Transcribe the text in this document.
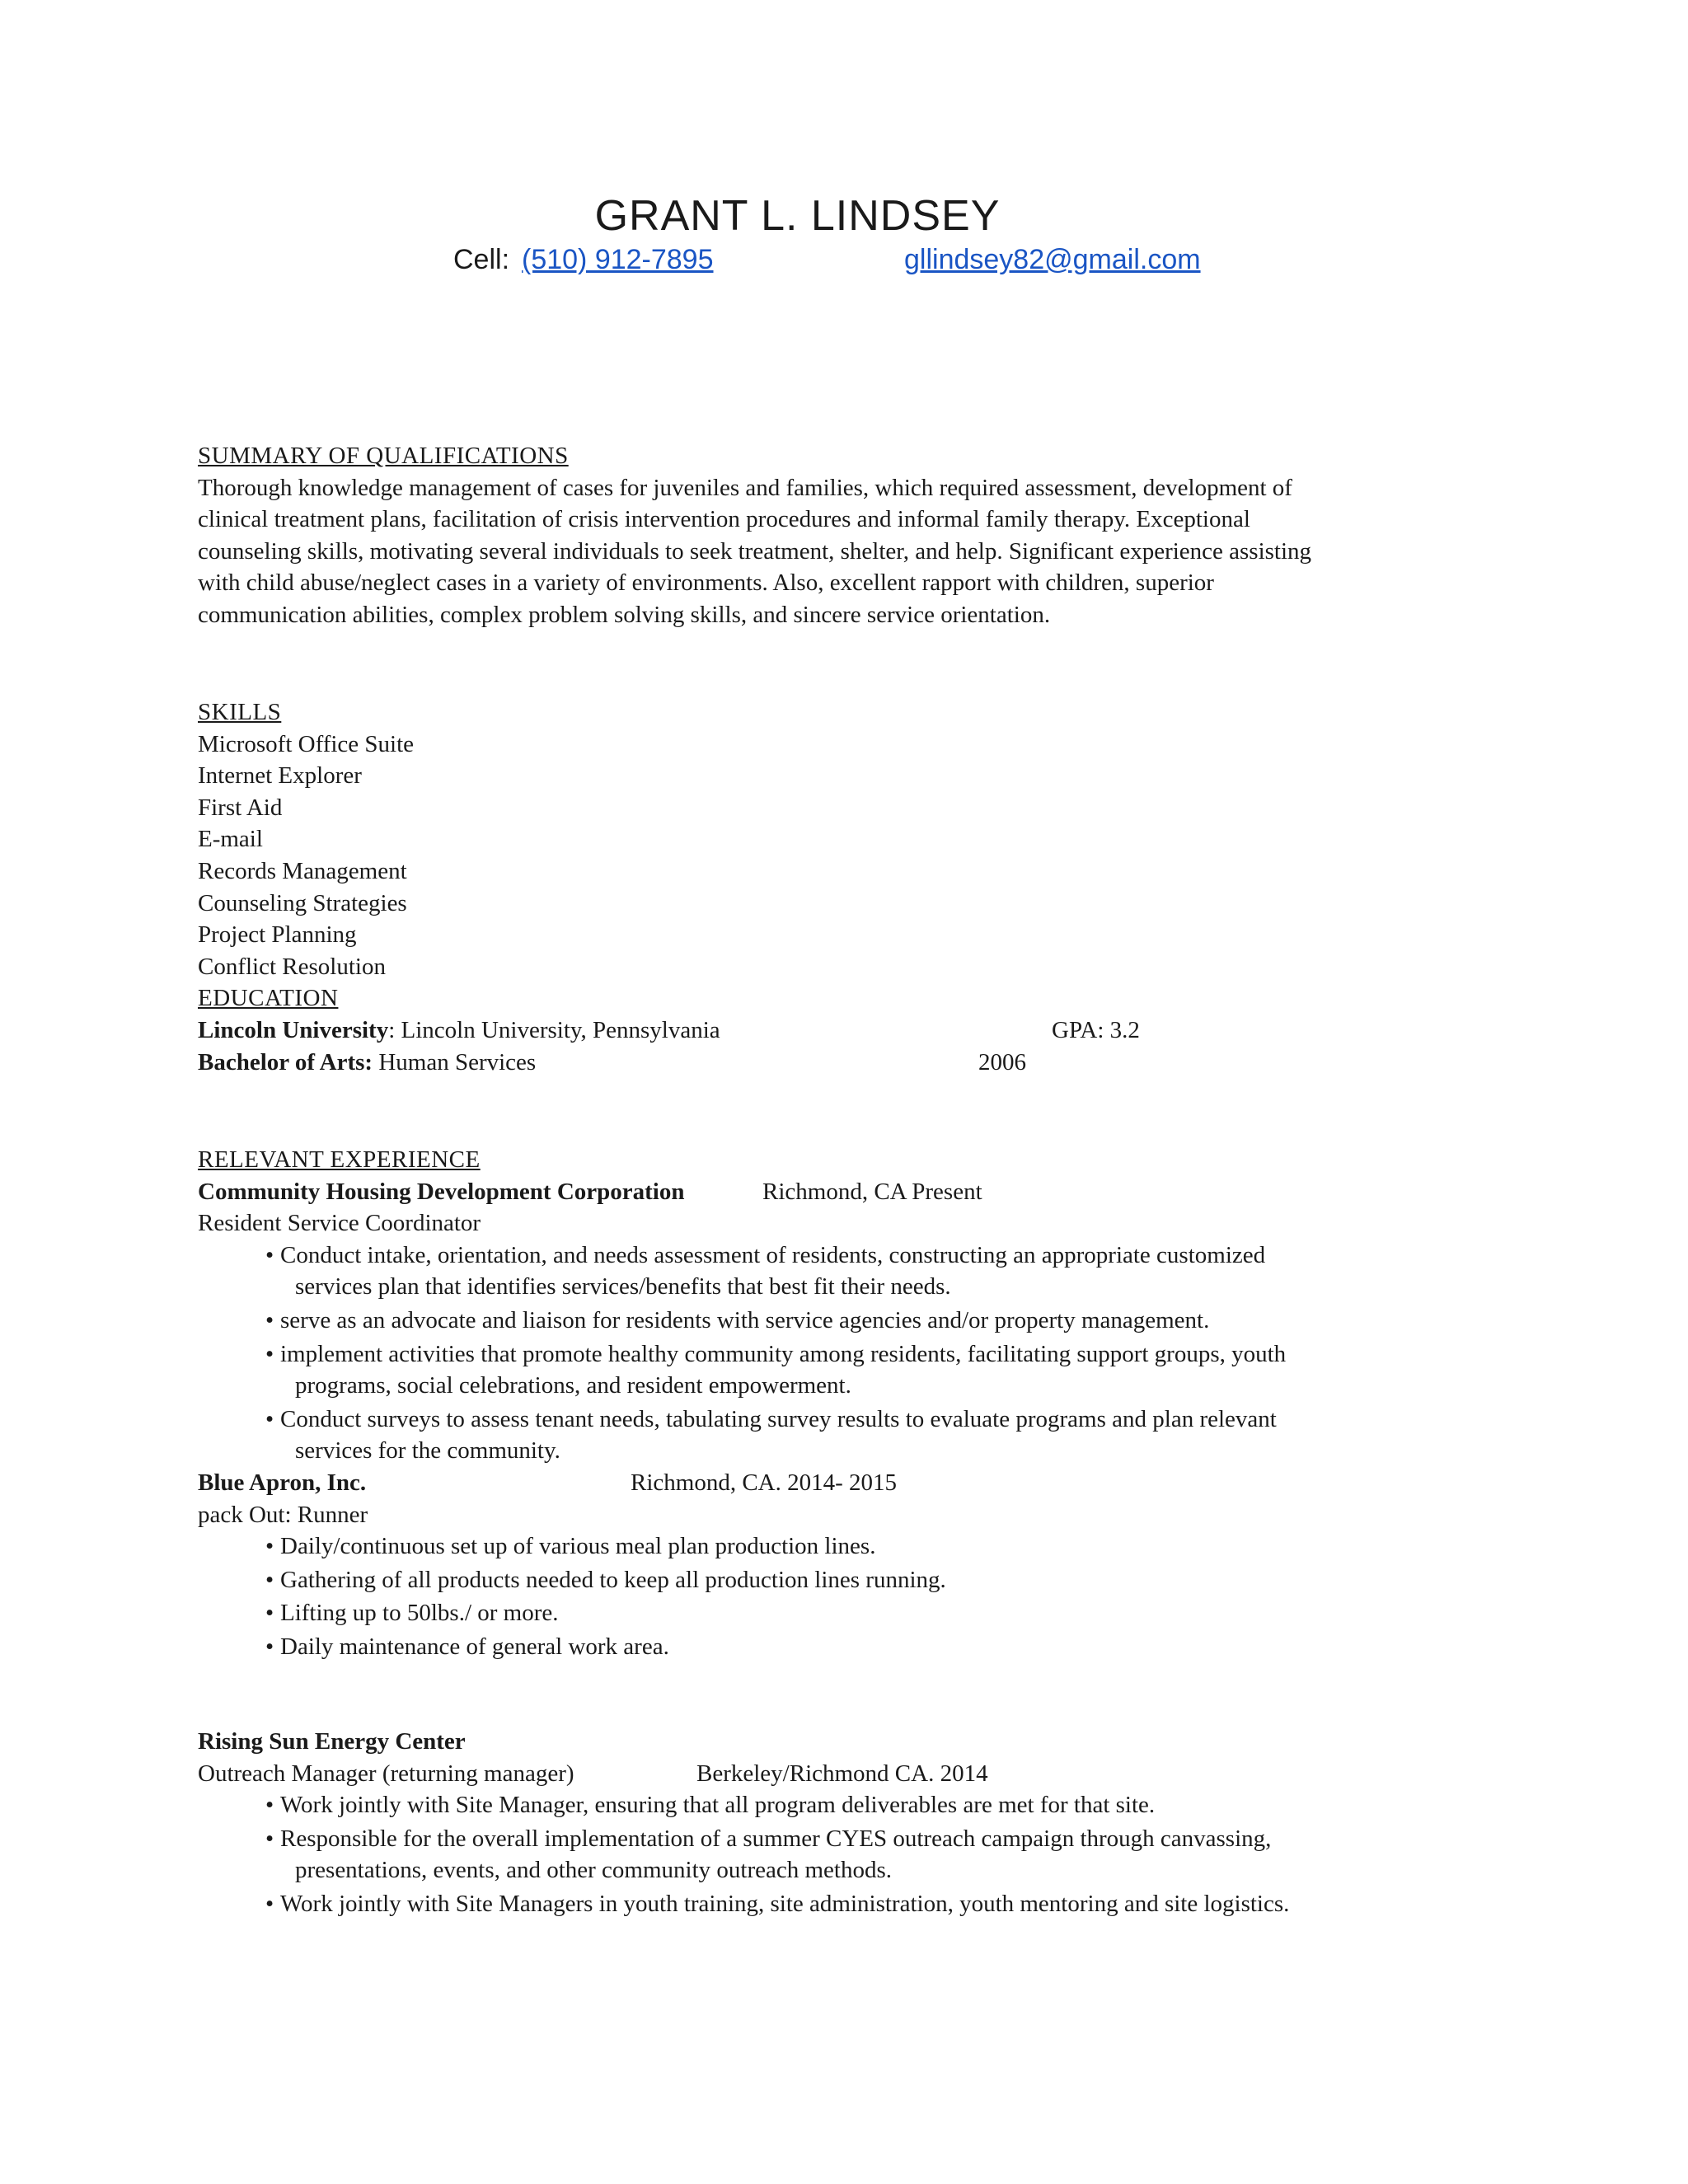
GRANT L. LINDSEY
Cell: (510) 912-7895	gllindsey82@gmail.com
SUMMARY OF QUALIFICATIONS
Thorough knowledge management of cases for juveniles and families, which required assessment, development of
clinical treatment plans, facilitation of crisis intervention procedures and informal family therapy. Exceptional
counseling skills, motivating several individuals to seek treatment, shelter, and help. Significant experience assisting
with child abuse/neglect cases in a variety of environments. Also, excellent rapport with children, superior
communication abilities, complex problem solving skills, and sincere service orientation.
SKILLS
Microsoft Office Suite
Internet Explorer
First Aid
E-mail
Records Management
Counseling Strategies
Project Planning
Conflict Resolution
EDUCATION
Lincoln University: Lincoln University, Pennsylvania	GPA: 3.2
Bachelor of Arts: Human Services	2006
RELEVANT EXPERIENCE
Community Housing Development Corporation	Richmond, CA Present
Resident Service Coordinator
• Conduct intake, orientation, and needs assessment of residents, constructing an appropriate customized
services plan that identifies services/benefits that best fit their needs.
• serve as an advocate and liaison for residents with service agencies and/or property management.
• implement activities that promote healthy community among residents, facilitating support groups, youth
programs, social celebrations, and resident empowerment.
• Conduct surveys to assess tenant needs, tabulating survey results to evaluate programs and plan relevant
services for the community.
Blue Apron, Inc.	Richmond, CA. 2014- 2015
pack Out: Runner
• Daily/continuous set up of various meal plan production lines.
• Gathering of all products needed to keep all production lines running.
• Lifting up to 50lbs./ or more.
• Daily maintenance of general work area.
Rising Sun Energy Center
Outreach Manager (returning manager)	Berkeley/Richmond CA. 2014
• Work jointly with Site Manager, ensuring that all program deliverables are met for that site.
• Responsible for the overall implementation of a summer CYES outreach campaign through canvassing,
presentations, events, and other community outreach methods.
• Work jointly with Site Managers in youth training, site administration, youth mentoring and site logistics.
